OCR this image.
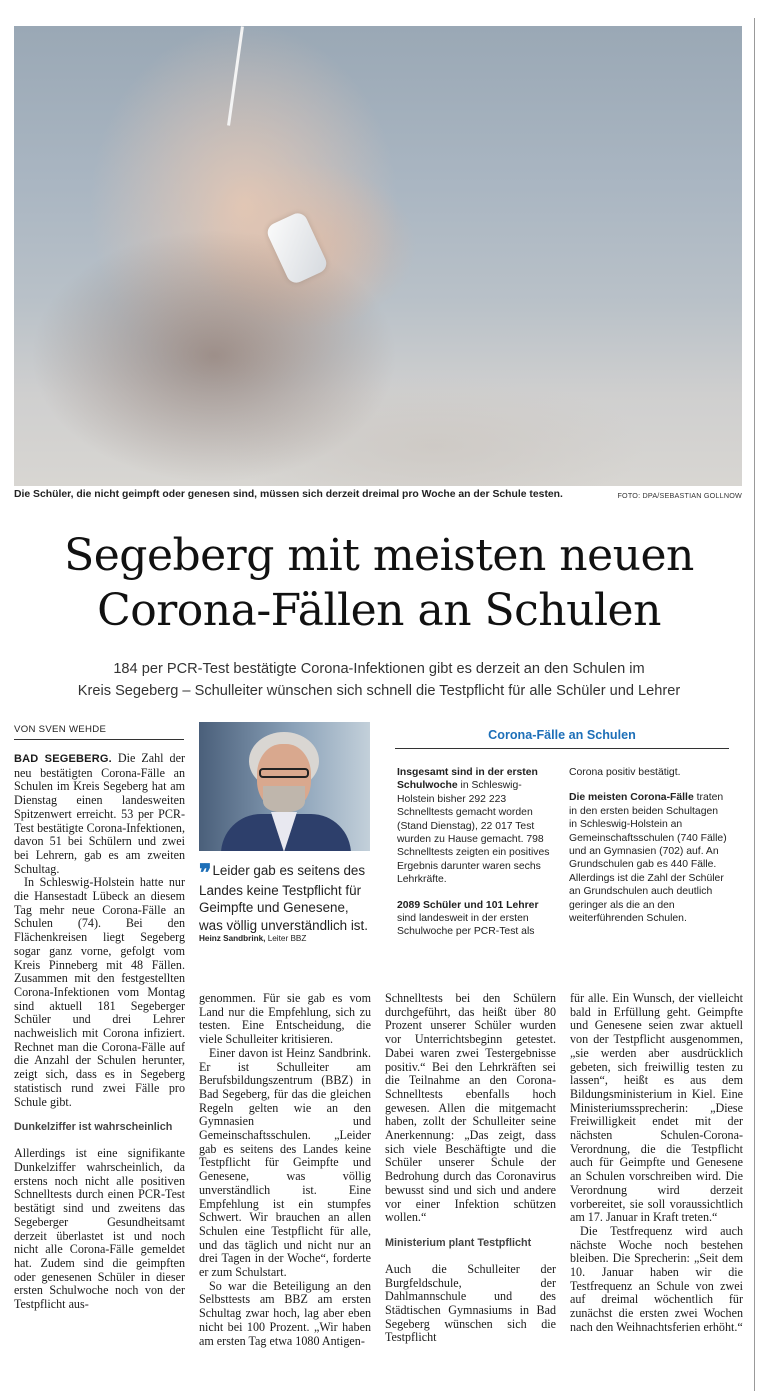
Die Schüler, die nicht geimpft oder genesen sind, müssen sich derzeit dreimal pro Woche an der Schule testen.	FOTO: DPA/SEBASTIAN GOLLNOW
Segeberg mit meisten neuen
Corona-Fällen an Schulen
184 per PCR-Test bestätigte Corona-Infektionen gibt es derzeit an den Schulen im
Kreis Segeberg – Schulleiter wünschen sich schnell die Testpflicht für alle Schüler und Lehrer
VON SVEN WEHDE

BAD SEGEBERG. Die Zahl der neu bestätigten Corona-Fälle an Schulen im Kreis Segeberg hat am Dienstag einen landesweiten Spitzenwert erreicht. 53 per PCR-Test bestätigte Corona-Infektionen, davon 51 bei Schülern und zwei bei Lehrern, gab es am zweiten Schultag.

In Schleswig-Holstein hatte nur die Hansestadt Lübeck an diesem Tag mehr neue Corona-Fälle an Schulen (74). Bei den Flächenkreisen liegt Segeberg sogar ganz vorne, gefolgt vom Kreis Pinneberg mit 48 Fällen. Zusammen mit den festgestellten Corona-Infektionen vom Montag sind aktuell 181 Segeberger Schüler und drei Lehrer nachweislich mit Corona infiziert. Rechnet man die Corona-Fälle auf die Anzahl der Schulen herunter, zeigt sich, dass es in Segeberg statistisch rund zwei Fälle pro Schule gibt.

Dunkelziffer ist wahrscheinlich

Allerdings ist eine signifikante Dunkelziffer wahrscheinlich, da erstens noch nicht alle positiven Schnelltests durch einen PCR-Test bestätigt sind und zweitens das Segeberger Gesundheitsamt derzeit überlastet ist und noch nicht alle Corona-Fälle gemeldet hat. Zudem sind die geimpften oder genesenen Schüler in dieser ersten Schulwoche noch von der Testpflicht aus-

❜❜ Leider gab es seitens des Landes keine Testpflicht für Geimpfte und Genesene, was völlig unverständlich ist.
Heinz Sandbrink, Leiter BBZ
Corona-Fälle an Schulen

Insgesamt sind in der ersten Schulwoche in Schleswig-Holstein bisher 292 223 Schnelltests gemacht worden (Stand Dienstag), 22 017 Test wurden zu Hause gemacht. 798 Schnelltests zeigten ein positives Ergebnis darunter waren sechs Lehrkräfte.

2089 Schüler und 101 Lehrer sind landesweit in der ersten Schulwoche per PCR-Test als

Corona positiv bestätigt.

Die meisten Corona-Fälle traten in den ersten beiden Schultagen in Schleswig-Holstein an Gemeinschaftsschulen (740 Fälle) und an Gymnasien (702) auf. An Grundschulen gab es 440 Fälle. Allerdings ist die Zahl der Schüler an Grundschulen auch deutlich geringer als die an den weiterführenden Schulen.

genommen. Für sie gab es vom Land nur die Empfehlung, sich zu testen. Eine Entscheidung, die viele Schulleiter kritisieren.

Einer davon ist Heinz Sandbrink. Er ist Schulleiter am Berufsbildungszentrum (BBZ) in Bad Segeberg, für das die gleichen Regeln gelten wie an den Gymnasien und Gemeinschaftsschulen. „Leider gab es seitens des Landes keine Testpflicht für Geimpfte und Genesene, was völlig unverständlich ist. Eine Empfehlung ist ein stumpfes Schwert. Wir brauchen an allen Schulen eine Testpflicht für alle, und das täglich und nicht nur an drei Tagen in der Woche“, forderte er zum Schulstart.

So war die Beteiligung an den Selbsttests am BBZ am ersten Schultag zwar hoch, lag aber eben nicht bei 100 Prozent. „Wir haben am ersten Tag etwa 1080 Antigen-

Schnelltests bei den Schülern durchgeführt, das heißt über 80 Prozent unserer Schüler wurden vor Unterrichtsbeginn getestet. Dabei waren zwei Testergebnisse positiv.“ Bei den Lehrkräften sei die Teilnahme an den Corona-Schnelltests ebenfalls hoch gewesen. Allen die mitgemacht haben, zollt der Schulleiter seine Anerkennung: „Das zeigt, dass sich viele Beschäftigte und die Schüler unserer Schule der Bedrohung durch das Coronavirus bewusst sind und sich und andere vor einer Infektion schützen wollen.“

Ministerium plant Testpflicht

Auch die Schulleiter der Burgfeldschule, der Dahlmannschule und des Städtischen Gymnasiums in Bad Segeberg wünschen sich die Testpflicht

für alle. Ein Wunsch, der vielleicht bald in Erfüllung geht. Geimpfte und Genesene seien zwar aktuell von der Testpflicht ausgenommen, „sie werden aber ausdrücklich gebeten, sich freiwillig testen zu lassen“, heißt es aus dem Bildungsministerium in Kiel. Eine Ministeriumssprecherin: „Diese Freiwilligkeit endet mit der nächsten Schulen-Corona-Verordnung, die die Testpflicht auch für Geimpfte und Genesene an Schulen vorschreiben wird. Die Verordnung wird derzeit vorbereitet, sie soll voraussichtlich am 17. Januar in Kraft treten.“

Die Testfrequenz wird auch nächste Woche noch bestehen bleiben. Die Sprecherin: „Seit dem 10. Januar haben wir die Testfrequenz an Schule von zwei auf dreimal wöchentlich für zunächst die ersten zwei Wochen nach den Weihnachtsferien erhöht.“
